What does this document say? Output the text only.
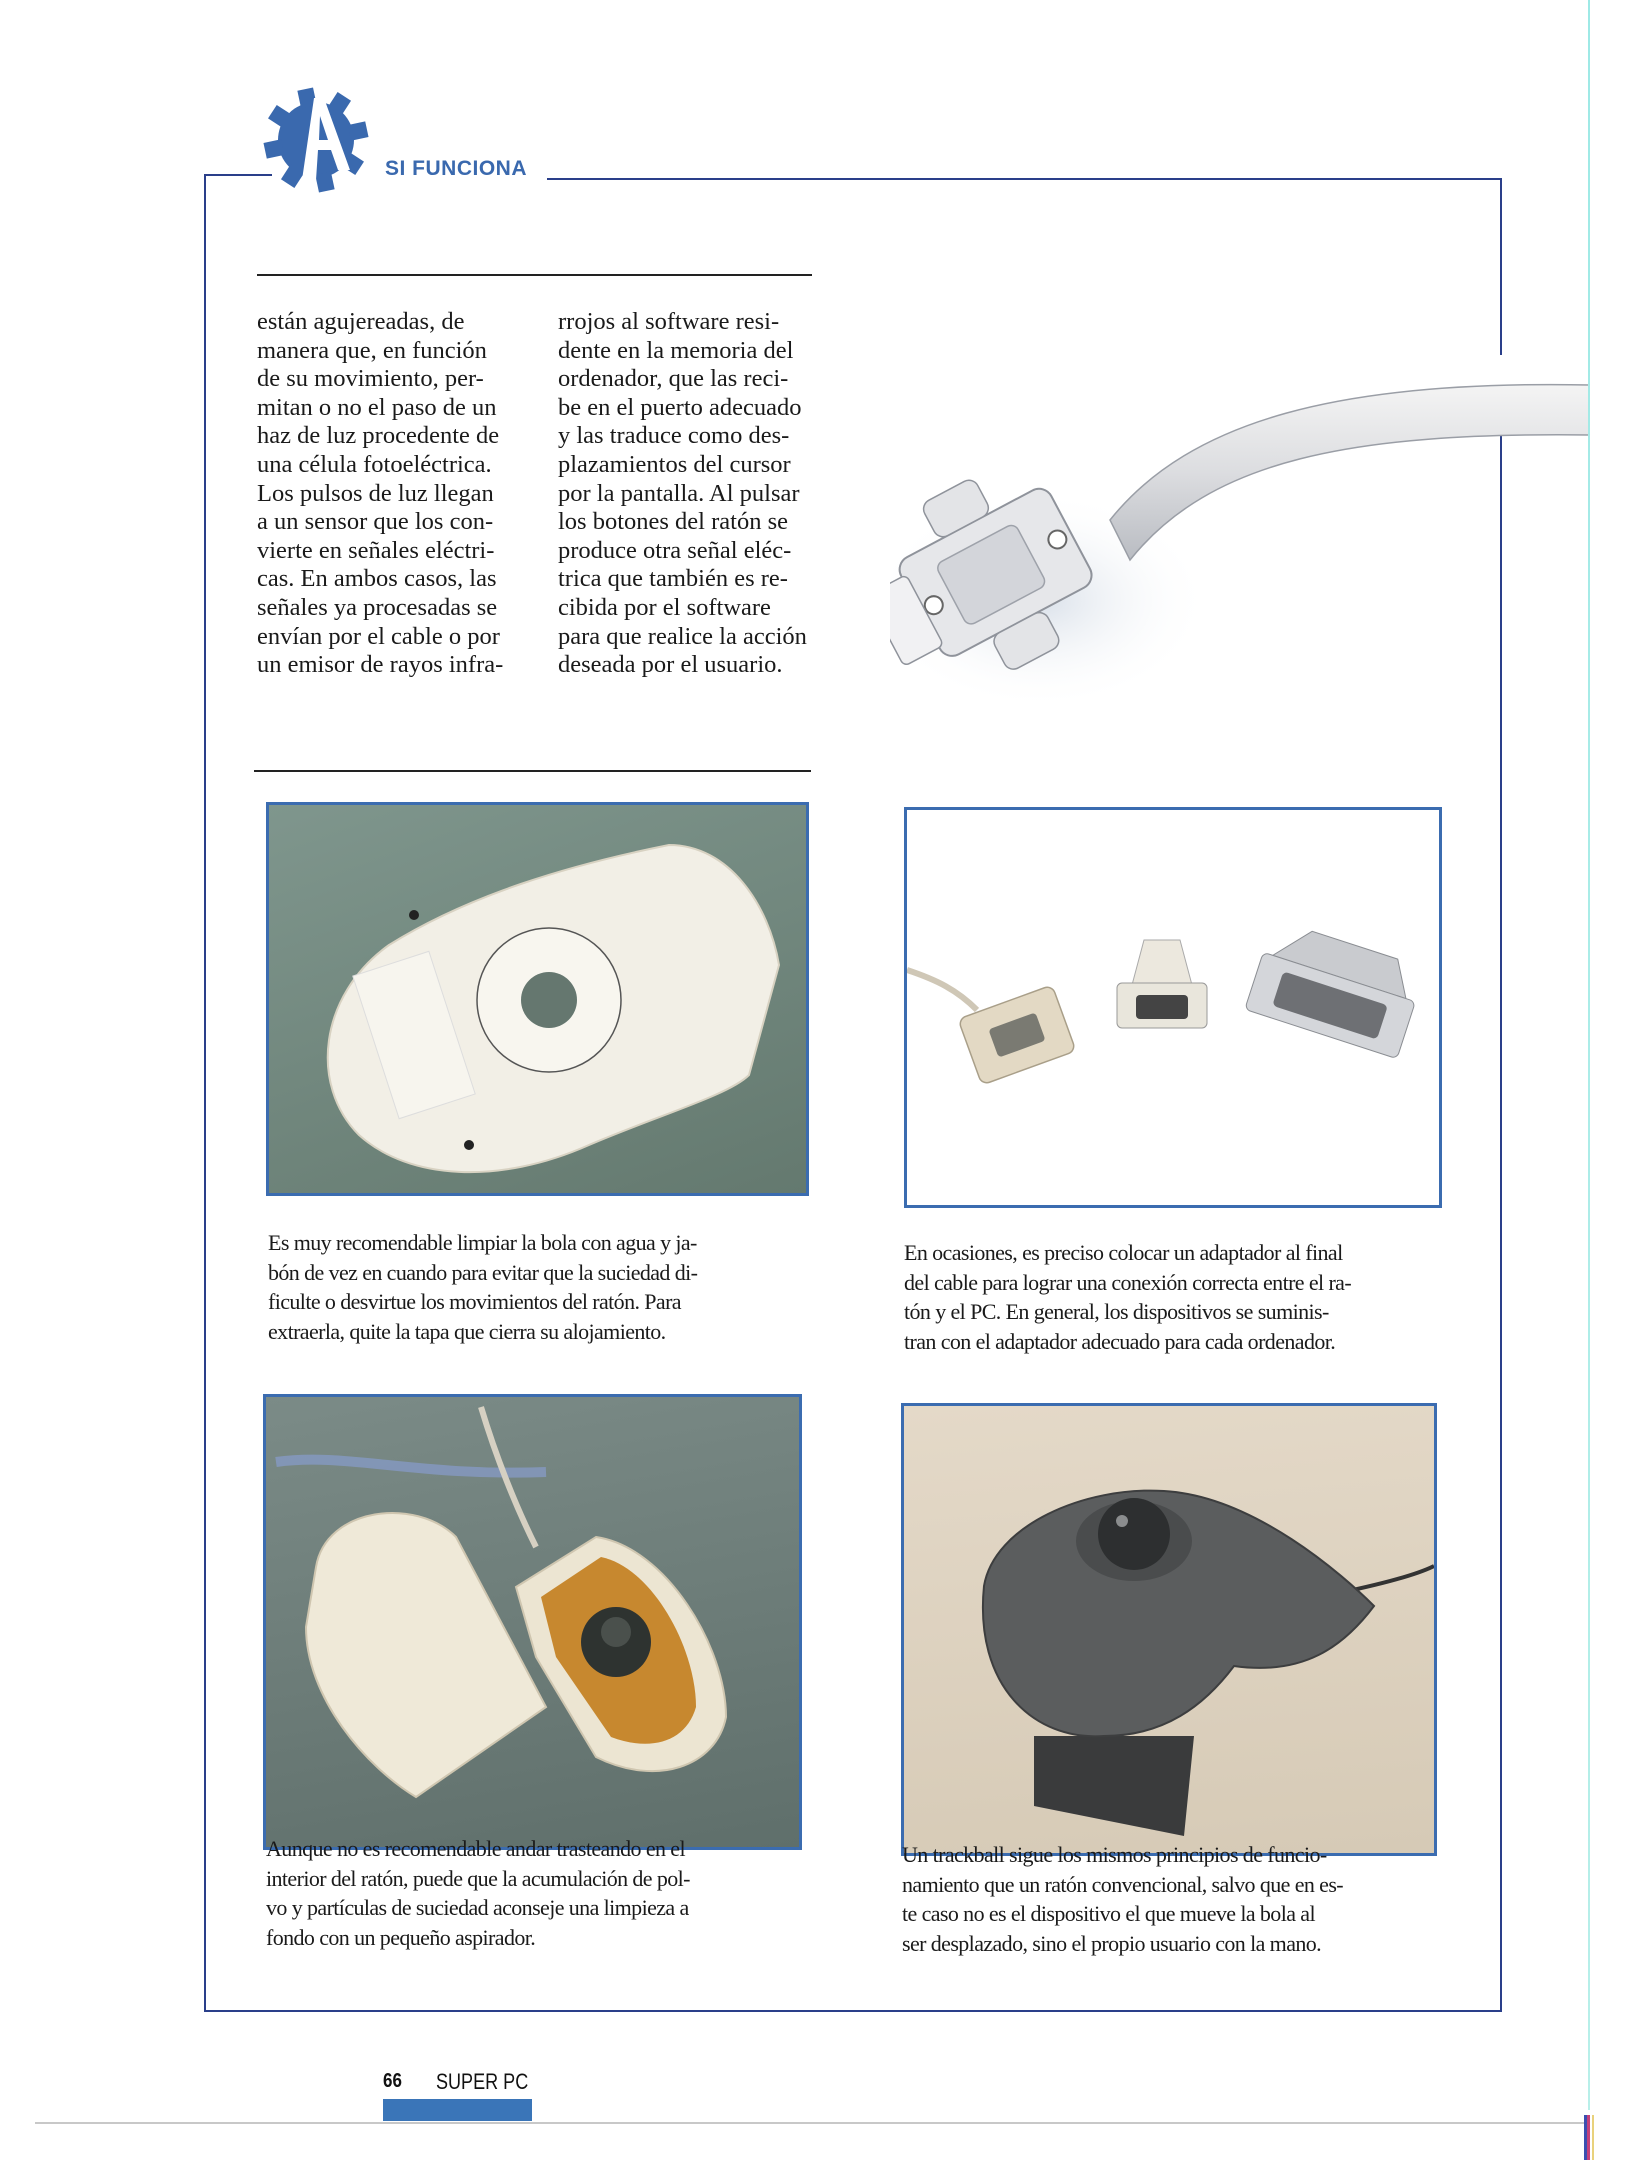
SI FUNCIONA
están agujereadas, de
manera que, en función
de su movimiento, per-
mitan o no el paso de un
haz de luz procedente de
una célula fotoeléctrica.
Los pulsos de luz llegan
a un sensor que los con-
vierte en señales eléctri-
cas. En ambos casos, las
señales ya procesadas se
envían por el cable o por
un emisor de rayos infra-
rrojos al software resi-
dente en la memoria del
ordenador, que las reci-
be en el puerto adecuado
y las traduce como des-
plazamientos del cursor
por la pantalla. Al pulsar
los botones del ratón se
produce otra señal eléc-
trica que también es re-
cibida por el software
para que realice la acción
deseada por el usuario.
Es muy recomendable limpiar la bola con agua y ja-
bón de vez en cuando para evitar que la suciedad di-
ficulte o desvirtue los movimientos del ratón. Para
extraerla, quite la tapa que cierra su alojamiento.
En ocasiones, es preciso colocar un adaptador al final
del cable para lograr una conexión correcta entre el ra-
tón y el PC. En general, los dispositivos se suminis-
tran con el adaptador adecuado para cada ordenador.
Aunque no es recomendable andar trasteando en el
interior del ratón, puede que la acumulación de pol-
vo y partículas de suciedad aconseje una limpieza a
fondo con un pequeño aspirador.
Un trackball sigue los mismos principios de funcio-
namiento que un ratón convencional, salvo que en es-
te caso no es el dispositivo el que mueve la bola al
ser desplazado, sino el propio usuario con la mano.
66 SUPER PC
